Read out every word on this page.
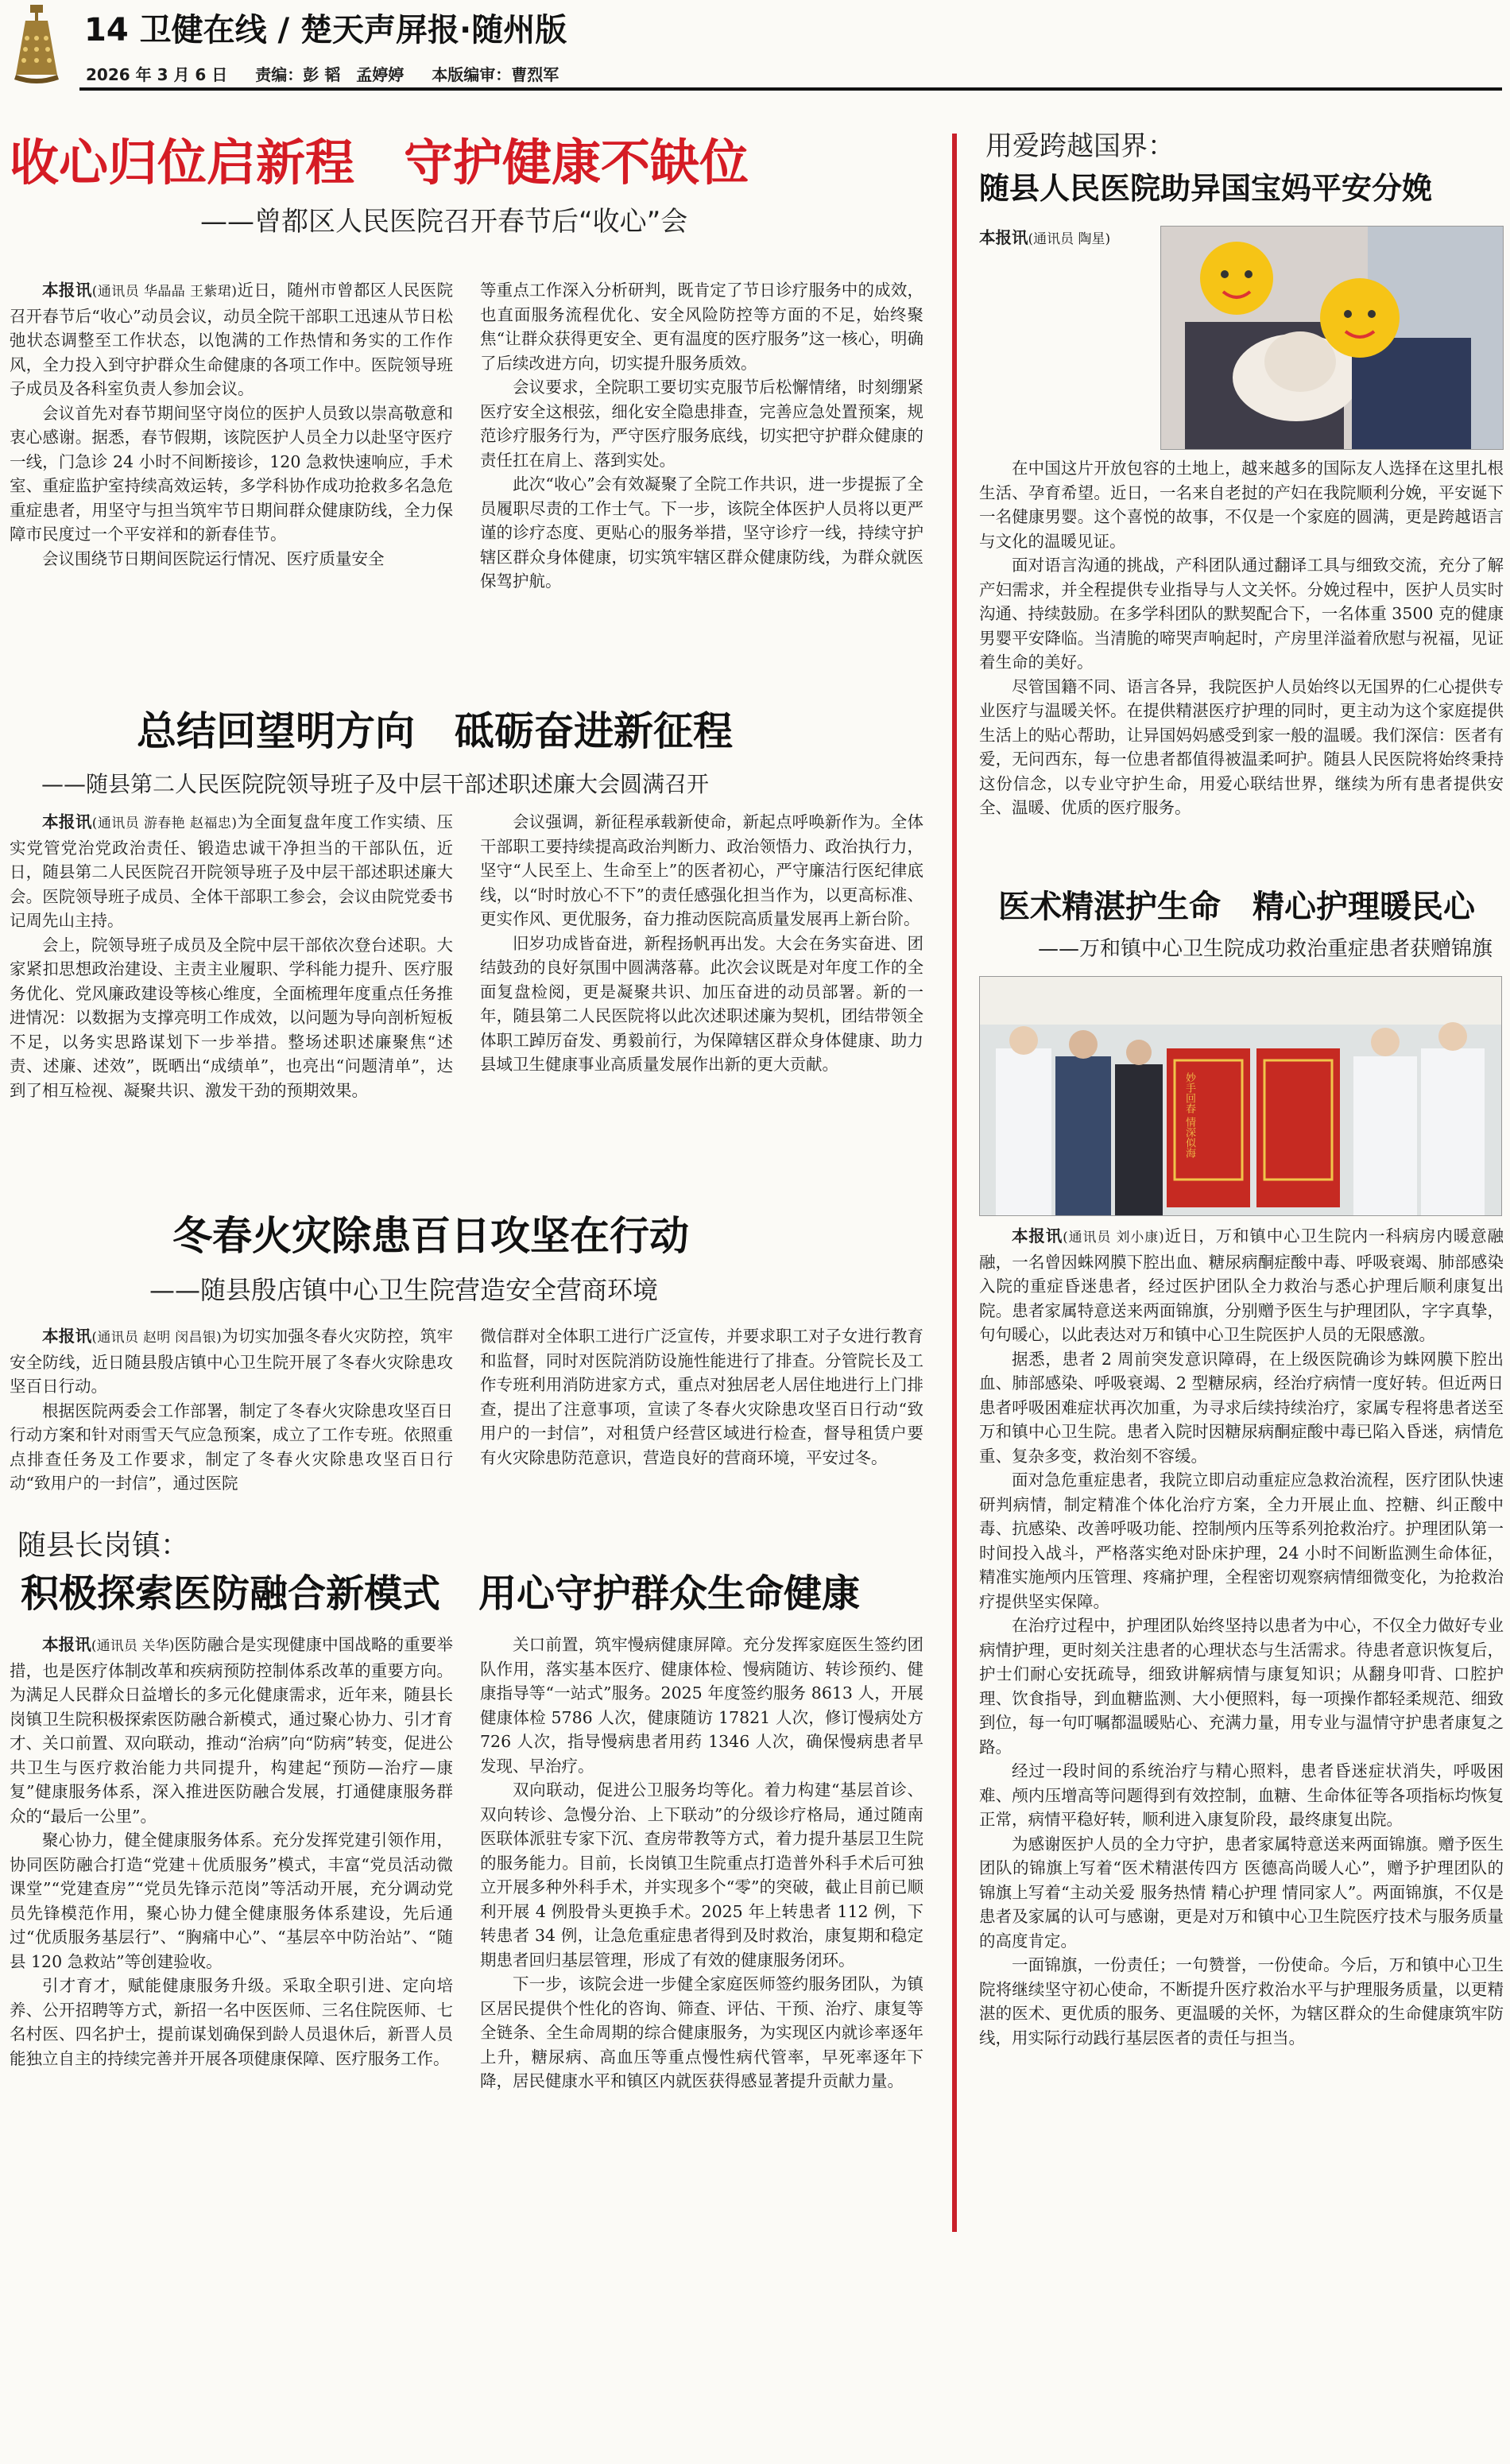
14 卫健在线 / 楚天声屏报·随州版
2026 年 3 月 6 日 责编：彭 韬　孟婷婷 本版编审：曹烈军
收心归位启新程　守护健康不缺位
——曾都区人民医院召开春节后“收心”会

本报讯(通讯员 华晶晶 王紫珺)近日，随州市曾都区人民医院召开春节后“收心”动员会议，动员全院干部职工迅速从节日松弛状态调整至工作状态，以饱满的工作热情和务实的工作作风，全力投入到守护群众生命健康的各项工作中。医院领导班子成员及各科室负责人参加会议。

会议首先对春节期间坚守岗位的医护人员致以崇高敬意和衷心感谢。据悉，春节假期，该院医护人员全力以赴坚守医疗一线，门急诊 24 小时不间断接诊，120 急救快速响应，手术室、重症监护室持续高效运转，多学科协作成功抢救多名急危重症患者，用坚守与担当筑牢节日期间群众健康防线，全力保障市民度过一个平安祥和的新春佳节。

会议围绕节日期间医院运行情况、医疗质量安全

等重点工作深入分析研判，既肯定了节日诊疗服务中的成效，也直面服务流程优化、安全风险防控等方面的不足，始终聚焦“让群众获得更安全、更有温度的医疗服务”这一核心，明确了后续改进方向，切实提升服务质效。

会议要求，全院职工要切实克服节后松懈情绪，时刻绷紧医疗安全这根弦，细化安全隐患排查，完善应急处置预案，规范诊疗服务行为，严守医疗服务底线，切实把守护群众健康的责任扛在肩上、落到实处。

此次“收心”会有效凝聚了全院工作共识，进一步提振了全员履职尽责的工作士气。下一步，该院全体医护人员将以更严谨的诊疗态度、更贴心的服务举措，坚守诊疗一线，持续守护辖区群众身体健康，切实筑牢辖区群众健康防线，为群众就医保驾护航。

总结回望明方向　砥砺奋进新征程
——随县第二人民医院院领导班子及中层干部述职述廉大会圆满召开

本报讯(通讯员 游春艳 赵福忠)为全面复盘年度工作实绩、压实党管党治党政治责任、锻造忠诚干净担当的干部队伍，近日，随县第二人民医院召开院领导班子及中层干部述职述廉大会。医院领导班子成员、全体干部职工参会，会议由院党委书记周先山主持。

会上，院领导班子成员及全院中层干部依次登台述职。大家紧扣思想政治建设、主责主业履职、学科能力提升、医疗服务优化、党风廉政建设等核心维度，全面梳理年度重点任务推进情况：以数据为支撑亮明工作成效，以问题为导向剖析短板不足，以务实思路谋划下一步举措。整场述职述廉聚焦“述责、述廉、述效”，既晒出“成绩单”，也亮出“问题清单”，达到了相互检视、凝聚共识、激发干劲的预期效果。

会议强调，新征程承载新使命，新起点呼唤新作为。全体干部职工要持续提高政治判断力、政治领悟力、政治执行力，坚守“人民至上、生命至上”的医者初心，严守廉洁行医纪律底线，以“时时放心不下”的责任感强化担当作为，以更高标准、更实作风、更优服务，奋力推动医院高质量发展再上新台阶。

旧岁功成皆奋进，新程扬帆再出发。大会在务实奋进、团结鼓劲的良好氛围中圆满落幕。此次会议既是对年度工作的全面复盘检阅，更是凝聚共识、加压奋进的动员部署。新的一年，随县第二人民医院将以此次述职述廉为契机，团结带领全体职工踔厉奋发、勇毅前行，为保障辖区群众身体健康、助力县域卫生健康事业高质量发展作出新的更大贡献。

冬春火灾除患百日攻坚在行动
——随县殷店镇中心卫生院营造安全营商环境

本报讯(通讯员 赵明 闵昌银)为切实加强冬春火灾防控，筑牢安全防线，近日随县殷店镇中心卫生院开展了冬春火灾除患攻坚百日行动。

根据医院两委会工作部署，制定了冬春火灾除患攻坚百日行动方案和针对雨雪天气应急预案，成立了工作专班。依照重点排查任务及工作要求，制定了冬春火灾除患攻坚百日行动“致用户的一封信”，通过医院

微信群对全体职工进行广泛宣传，并要求职工对子女进行教育和监督，同时对医院消防设施性能进行了排查。分管院长及工作专班利用消防进家方式，重点对独居老人居住地进行上门排查，提出了注意事项，宣读了冬春火灾除患攻坚百日行动“致用户的一封信”，对租赁户经营区域进行检查，督导租赁户要有火灾除患防范意识，营造良好的营商环境，平安过冬。

随县长岗镇：
积极探索医防融合新模式　用心守护群众生命健康

本报讯(通讯员 关华)医防融合是实现健康中国战略的重要举措，也是医疗体制改革和疾病预防控制体系改革的重要方向。为满足人民群众日益增长的多元化健康需求，近年来，随县长岗镇卫生院积极探索医防融合新模式，通过聚心协力、引才育才、关口前置、双向联动，推动“治病”向“防病”转变，促进公共卫生与医疗救治能力共同提升，构建起“预防—治疗—康复”健康服务体系，深入推进医防融合发展，打通健康服务群众的“最后一公里”。

聚心协力，健全健康服务体系。充分发挥党建引领作用，协同医防融合打造“党建＋优质服务”模式，丰富“党员活动微课堂”“党建查房”“党员先锋示范岗”等活动开展，充分调动党员先锋模范作用，聚心协力健全健康服务体系建设，先后通过“优质服务基层行”、“胸痛中心”、“基层卒中防治站”、“随县 120 急救站”等创建验收。

引才育才，赋能健康服务升级。采取全职引进、定向培养、公开招聘等方式，新招一名中医医师、三名住院医师、七名村医、四名护士，提前谋划确保到龄人员退休后，新晋人员能独立自主的持续完善并开展各项健康保障、医疗服务工作。

关口前置，筑牢慢病健康屏障。充分发挥家庭医生签约团队作用，落实基本医疗、健康体检、慢病随访、转诊预约、健康指导等“一站式”服务。2025 年度签约服务 8613 人，开展健康体检 5786 人次，健康随访 17821 人次，修订慢病处方 726 人次，指导慢病患者用药 1346 人次，确保慢病患者早发现、早治疗。

双向联动，促进公卫服务均等化。着力构建“基层首诊、双向转诊、急慢分治、上下联动”的分级诊疗格局，通过随南医联体派驻专家下沉、查房带教等方式，着力提升基层卫生院的服务能力。目前，长岗镇卫生院重点打造普外科手术后可独立开展多种外科手术，并实现多个“零”的突破，截止目前已顺利开展 4 例股骨头更换手术。2025 年上转患者 112 例，下转患者 34 例，让急危重症患者得到及时救治，康复期和稳定期患者回归基层管理，形成了有效的健康服务闭环。

下一步，该院会进一步健全家庭医师签约服务团队，为镇区居民提供个性化的咨询、筛查、评估、干预、治疗、康复等全链条、全生命周期的综合健康服务，为实现区内就诊率逐年上升，糖尿病、高血压等重点慢性病代管率，早死率逐年下降，居民健康水平和镇区内就医获得感显著提升贡献力量。

用爱跨越国界：
随县人民医院助异国宝妈平安分娩
本报讯(通讯员 陶星)

在中国这片开放包容的土地上，越来越多的国际友人选择在这里扎根生活、孕育希望。近日，一名来自老挝的产妇在我院顺利分娩，平安诞下一名健康男婴。这个喜悦的故事，不仅是一个家庭的圆满，更是跨越语言与文化的温暖见证。

面对语言沟通的挑战，产科团队通过翻译工具与细致交流，充分了解产妇需求，并全程提供专业指导与人文关怀。分娩过程中，医护人员实时沟通、持续鼓励。在多学科团队的默契配合下，一名体重 3500 克的健康男婴平安降临。当清脆的啼哭声响起时，产房里洋溢着欣慰与祝福，见证着生命的美好。

尽管国籍不同、语言各异，我院医护人员始终以无国界的仁心提供专业医疗与温暖关怀。在提供精湛医疗护理的同时，更主动为这个家庭提供生活上的贴心帮助，让异国妈妈感受到家一般的温暖。我们深信：医者有爱，无问西东，每一位患者都值得被温柔呵护。随县人民医院将始终秉持这份信念，以专业守护生命，用爱心联结世界，继续为所有患者提供安全、温暖、优质的医疗服务。

医术精湛护生命　精心护理暖民心
——万和镇中心卫生院成功救治重症患者获赠锦旗
妙手回春 情深似海

本报讯(通讯员 刘小康)近日，万和镇中心卫生院内一科病房内暖意融融，一名曾因蛛网膜下腔出血、糖尿病酮症酸中毒、呼吸衰竭、肺部感染入院的重症昏迷患者，经过医护团队全力救治与悉心护理后顺利康复出院。患者家属特意送来两面锦旗，分别赠予医生与护理团队，字字真挚，句句暖心，以此表达对万和镇中心卫生院医护人员的无限感激。

据悉，患者 2 周前突发意识障碍，在上级医院确诊为蛛网膜下腔出血、肺部感染、呼吸衰竭、2 型糖尿病，经治疗病情一度好转。但近两日患者呼吸困难症状再次加重，为寻求后续持续治疗，家属专程将患者送至万和镇中心卫生院。患者入院时因糖尿病酮症酸中毒已陷入昏迷，病情危重、复杂多变，救治刻不容缓。

面对急危重症患者，我院立即启动重症应急救治流程，医疗团队快速研判病情，制定精准个体化治疗方案，全力开展止血、控糖、纠正酸中毒、抗感染、改善呼吸功能、控制颅内压等系列抢救治疗。护理团队第一时间投入战斗，严格落实绝对卧床护理，24 小时不间断监测生命体征，精准实施颅内压管理、疼痛护理，全程密切观察病情细微变化，为抢救治疗提供坚实保障。

在治疗过程中，护理团队始终坚持以患者为中心，不仅全力做好专业病情护理，更时刻关注患者的心理状态与生活需求。待患者意识恢复后，护士们耐心安抚疏导，细致讲解病情与康复知识；从翻身叩背、口腔护理、饮食指导，到血糖监测、大小便照料，每一项操作都轻柔规范、细致到位，每一句叮嘱都温暖贴心、充满力量，用专业与温情守护患者康复之路。

经过一段时间的系统治疗与精心照料，患者昏迷症状消失，呼吸困难、颅内压增高等问题得到有效控制，血糖、生命体征等各项指标均恢复正常，病情平稳好转，顺利进入康复阶段，最终康复出院。

为感谢医护人员的全力守护，患者家属特意送来两面锦旗。赠予医生团队的锦旗上写着“医术精湛传四方 医德高尚暖人心”，赠予护理团队的锦旗上写着“主动关爱 服务热情 精心护理 情同家人”。两面锦旗，不仅是患者及家属的认可与感谢，更是对万和镇中心卫生院医疗技术与服务质量的高度肯定。

一面锦旗，一份责任；一句赞誉，一份使命。今后，万和镇中心卫生院将继续坚守初心使命，不断提升医疗救治水平与护理服务质量，以更精湛的医术、更优质的服务、更温暖的关怀，为辖区群众的生命健康筑牢防线，用实际行动践行基层医者的责任与担当。
